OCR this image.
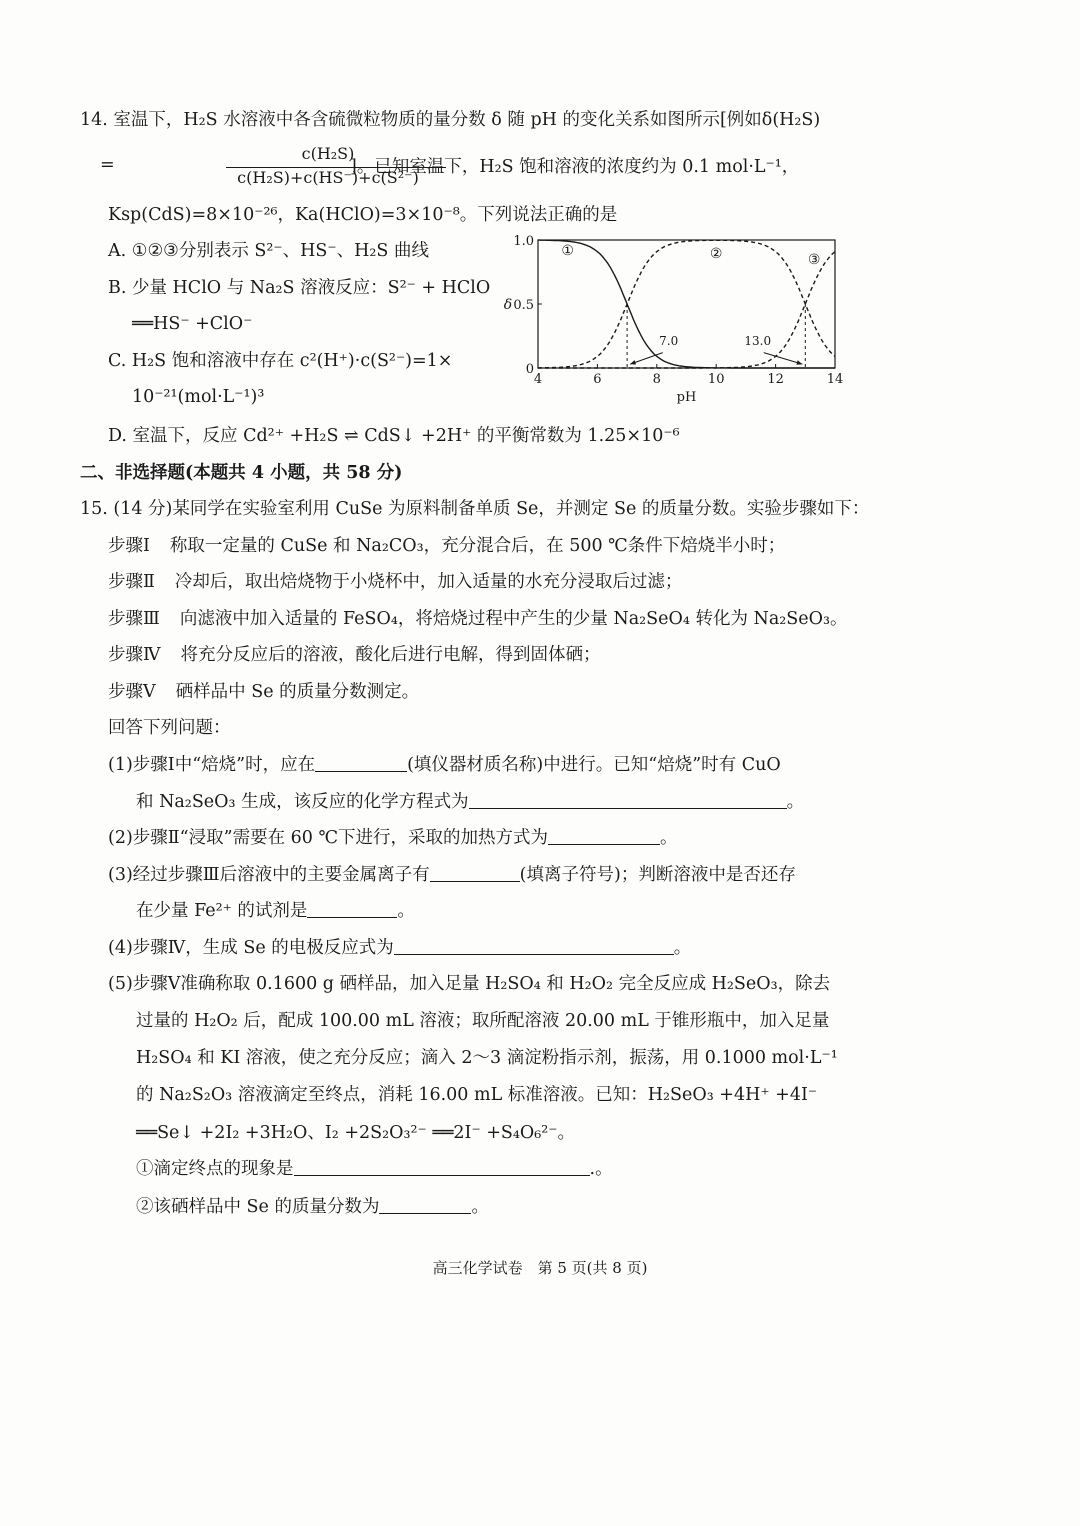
14. 室温下，H₂S 水溶液中各含硫微粒物质的量分数 δ 随 pH 的变化关系如图所示[例如δ(H₂S)
=
c(H₂S)
c(H₂S)+c(HS⁻)+c(S²⁻)
]。已知室温下，H₂S 饱和溶液的浓度约为 0.1 mol·L⁻¹，
Ksp(CdS)=8×10⁻²⁶，Ka(HClO)=3×10⁻⁸。下列说法正确的是
A. ①②③分别表示 S²⁻、HS⁻、H₂S 曲线
B. 少量 HClO 与 Na₂S 溶液反应：S²⁻ + HClO
══HS⁻ +ClO⁻
C. H₂S 饱和溶液中存在 c²(H⁺)·c(S²⁻)=1×
10⁻²¹(mol·L⁻¹)³
D. 室温下，反应 Cd²⁺ +H₂S ⇌ CdS↓ +2H⁺ 的平衡常数为 1.25×10⁻⁶
4	6	8	10	12	14
0
0.5
1.0
pH
δ
①	②	③
7.0	13.0
二、非选择题(本题共 4 小题，共 58 分)
15. (14 分)某同学在实验室利用 CuSe 为原料制备单质 Se，并测定 Se 的质量分数。实验步骤如下：
步骤Ⅰ 称取一定量的 CuSe 和 Na₂CO₃，充分混合后，在 500 ℃条件下焙烧半小时；
步骤Ⅱ 冷却后，取出焙烧物于小烧杯中，加入适量的水充分浸取后过滤；
步骤Ⅲ 向滤液中加入适量的 FeSO₄，将焙烧过程中产生的少量 Na₂SeO₄ 转化为 Na₂SeO₃。
步骤Ⅳ 将充分反应后的溶液，酸化后进行电解，得到固体硒；
步骤Ⅴ 硒样品中 Se 的质量分数测定。
回答下列问题：
(1)步骤Ⅰ中“焙烧”时，应在	(填仪器材质名称)中进行。已知“焙烧”时有 CuO
和 Na₂SeO₃ 生成，该反应的化学方程式为	。
(2)步骤Ⅱ“浸取”需要在 60 ℃下进行，采取的加热方式为	。
(3)经过步骤Ⅲ后溶液中的主要金属离子有	(填离子符号)；判断溶液中是否还存
在少量 Fe²⁺ 的试剂是	。
(4)步骤Ⅳ，生成 Se 的电极反应式为	。
(5)步骤Ⅴ准确称取 0.1600 g 硒样品，加入足量 H₂SO₄ 和 H₂O₂ 完全反应成 H₂SeO₃，除去
过量的 H₂O₂ 后，配成 100.00 mL 溶液；取所配溶液 20.00 mL 于锥形瓶中，加入足量
H₂SO₄ 和 KI 溶液，使之充分反应；滴入 2～3 滴淀粉指示剂，振荡，用 0.1000 mol·L⁻¹
的 Na₂S₂O₃ 溶液滴定至终点，消耗 16.00 mL 标准溶液。已知：H₂SeO₃ +4H⁺ +4I⁻
══Se↓ +2I₂ +3H₂O、I₂ +2S₂O₃²⁻ ══2I⁻ +S₄O₆²⁻。
①滴定终点的现象是	.。
②该硒样品中 Se 的质量分数为	。
高三化学试卷　第 5 页(共 8 页)
